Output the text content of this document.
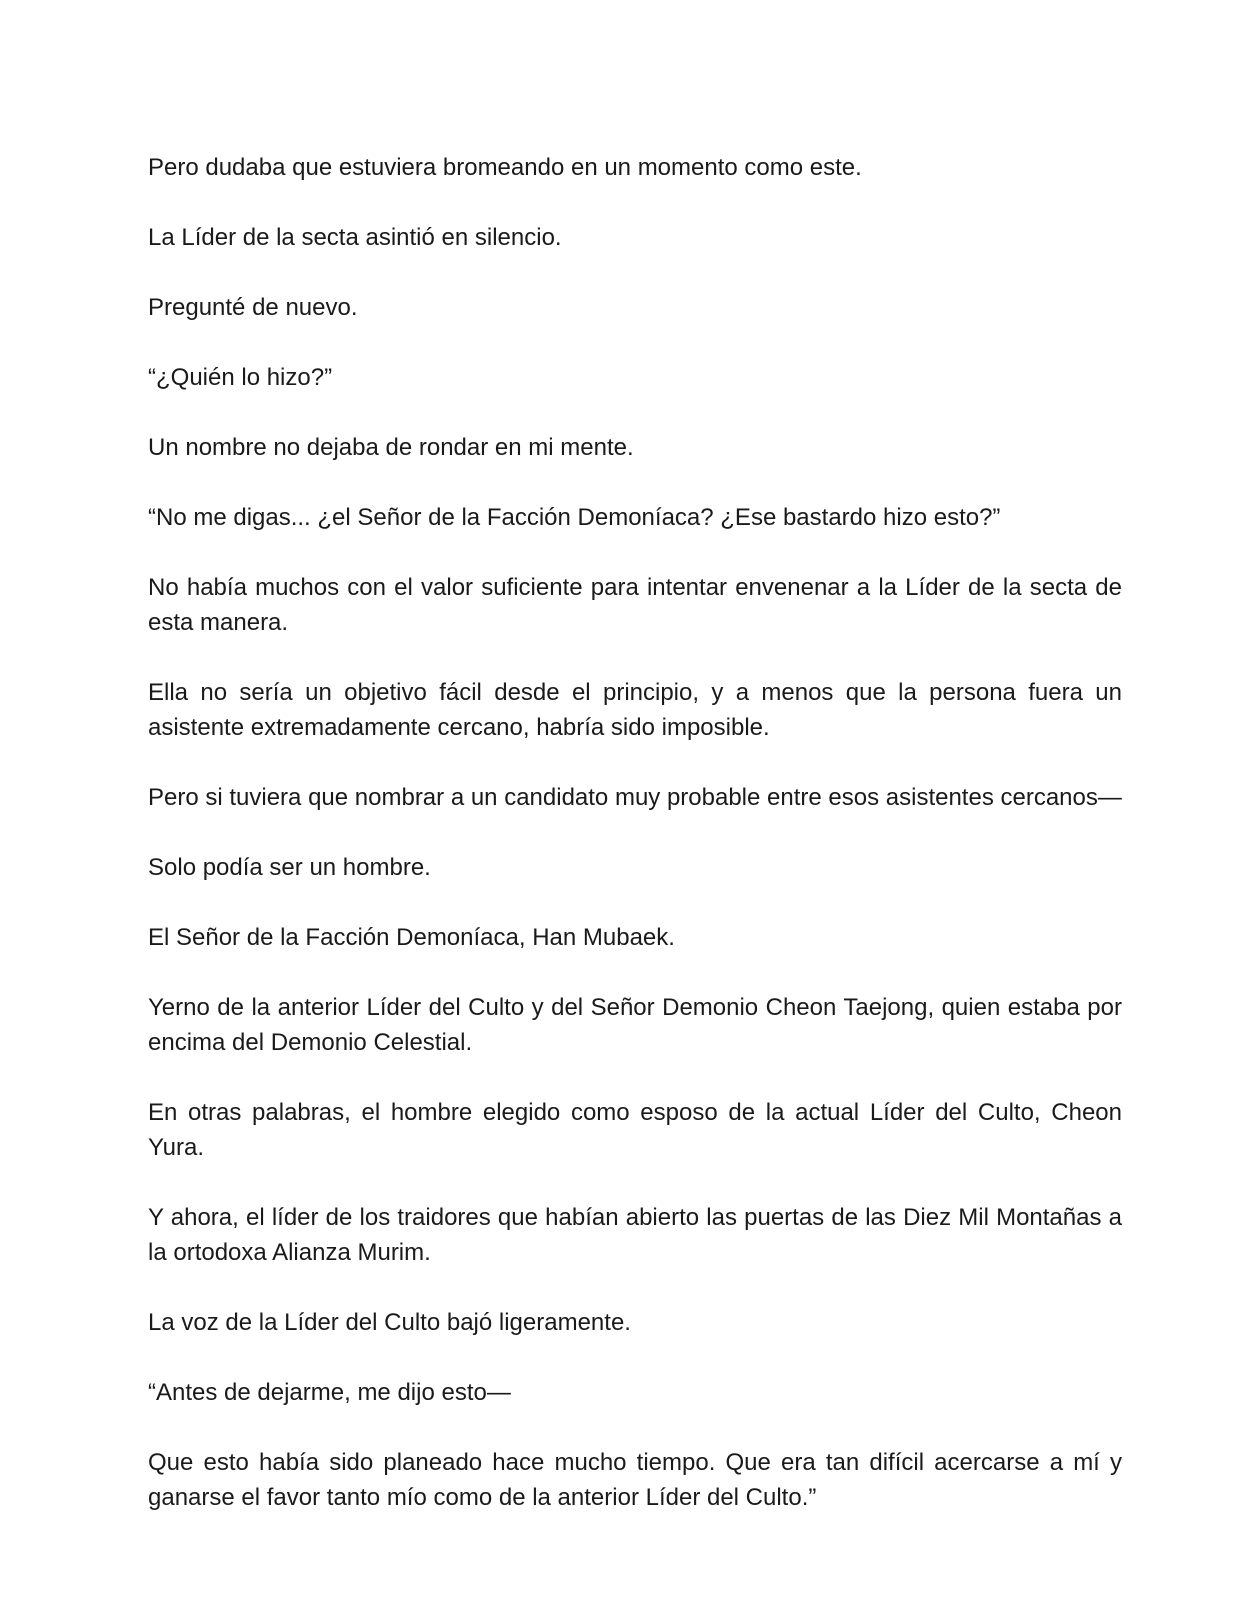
Pero dudaba que estuviera bromeando en un momento como este.

La Líder de la secta asintió en silencio.

Pregunté de nuevo.

“¿Quién lo hizo?”

Un nombre no dejaba de rondar en mi mente.

“No me digas... ¿el Señor de la Facción Demoníaca? ¿Ese bastardo hizo esto?”

No había muchos con el valor suficiente para intentar envenenar a la Líder de la secta de esta manera.

Ella no sería un objetivo fácil desde el principio, y a menos que la persona fuera un asistente extremadamente cercano, habría sido imposible.

Pero si tuviera que nombrar a un candidato muy probable entre esos asistentes cercanos—

Solo podía ser un hombre.

El Señor de la Facción Demoníaca, Han Mubaek.

Yerno de la anterior Líder del Culto y del Señor Demonio Cheon Taejong, quien estaba por encima del Demonio Celestial.

En otras palabras, el hombre elegido como esposo de la actual Líder del Culto, Cheon Yura.

Y ahora, el líder de los traidores que habían abierto las puertas de las Diez Mil Montañas a la ortodoxa Alianza Murim.

La voz de la Líder del Culto bajó ligeramente.

“Antes de dejarme, me dijo esto—

Que esto había sido planeado hace mucho tiempo. Que era tan difícil acercarse a mí y ganarse el favor tanto mío como de la anterior Líder del Culto.”
